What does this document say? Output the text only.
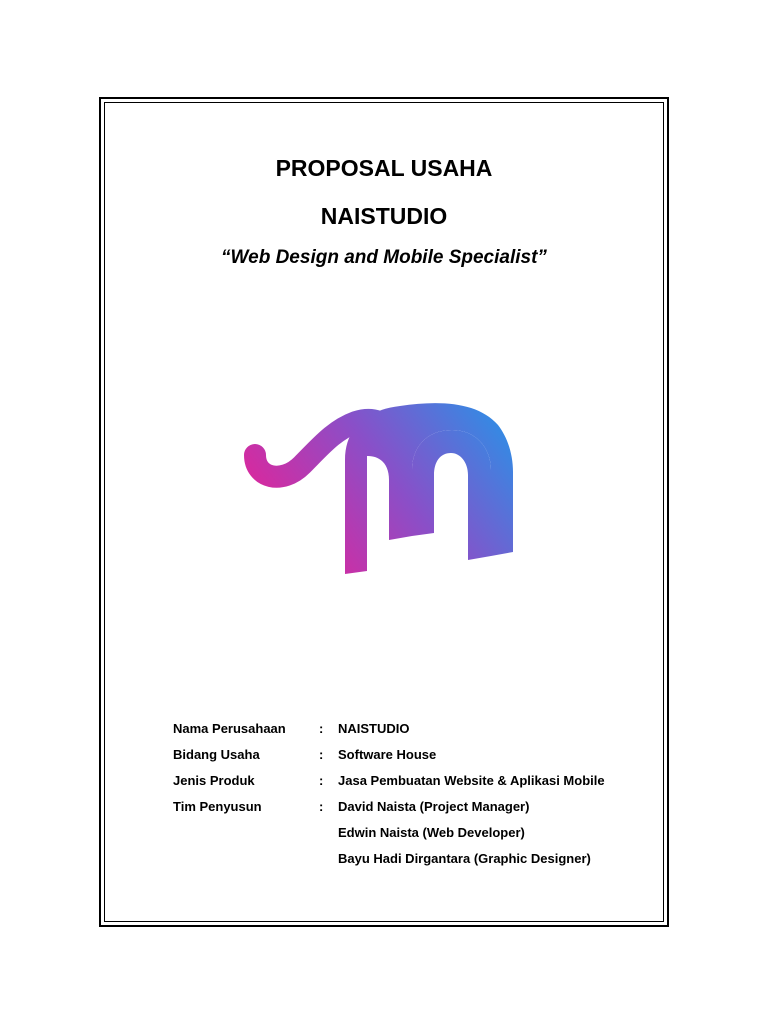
PROPOSAL USAHA
NAISTUDIO

“Web Design and Mobile Specialist”

Nama Perusahaan	:	NAISTUDIO
Bidang Usaha	:	Software House
Jenis Produk	:	Jasa Pembuatan Website & Aplikasi Mobile
Tim Penyusun	:	David Naista (Project Manager)
Edwin Naista (Web Developer)
Bayu Hadi Dirgantara (Graphic Designer)
